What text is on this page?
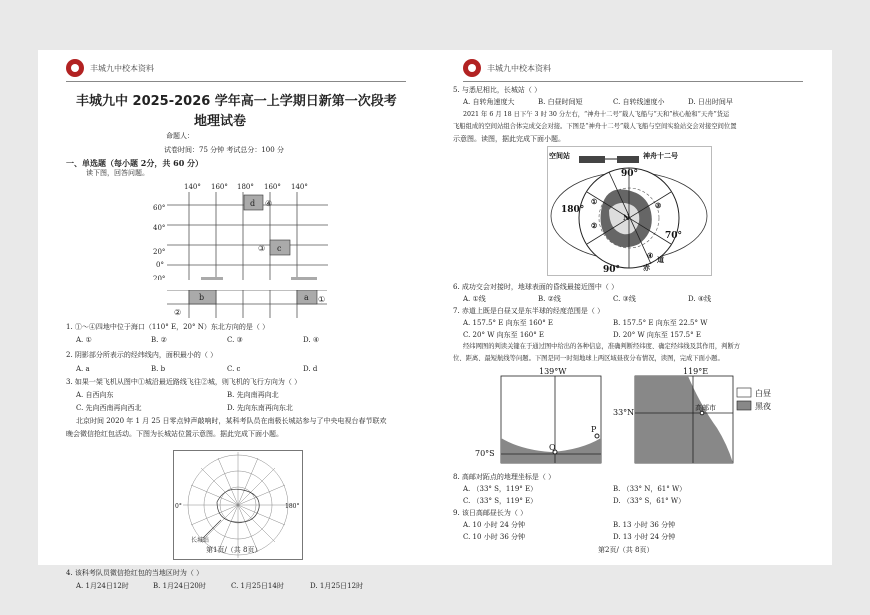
丰城九中校本资料
丰城九中 2025-2026 学年高一上学期日新第一次段考
地理试卷
命题人：
试卷时间：75 分钟 考试总分：100 分
一、单选题（每小题 2分，共 60 分）
读下图，回答问题。
140° 160° 180° 160° 140°
60°
40°
20°
0°
20°
d ④
③ c
b
②
a ①
1. ①～④四地中位于海口（110° E，20° N）东北方向的是（ ）
A. ①	B. ②	C. ③	D. ④
2. 阴影部分所表示的经纬线内，面积最小的（ ）
A. a	B. b	C. c	D. d
3. 如果一架飞机从图中①城沿最近路线飞往②城，则飞机的飞行方向为（ ）
A. 自西向东	B. 先向南再向北
C. 先向西南再向西北	D. 先向东南再向东北
北京时间 2020 年 1 月 25 日零点钟声敲响时，某科考队员在南极长城站参与了中央电视台春节联欢
晚会微信抢红包活动。下图为长城站位置示意图。据此完成下面小题。
0°	180°
长城站
4. 该科考队员微信抢红包的当地区时为（ ）
A. 1月24日12时	B. 1月24日20时	C. 1月25日14时	D. 1月25日12时
丰城九中校本资料
5. 与悉尼相比，长城站（ ）
A. 自转角速度大	B. 白昼时间短	C. 自转线速度小	D. 日出时间早
2021 年 6 月 18 日下午 3 时 30 分左右，“神舟十二号”载人飞船与“天和”核心舱和“天舟”货运
飞船组成的空间站组合体完成交会对接。下图是“神舟十二号”载人飞船与空间实验站交会对接空间位置
示意图。读图，据此完成下面小题。
空间站	神舟十二号
90°
180°
70°
90°
N
①
②
③
④
赤
道
6. 成功交会对接时，地球表面的昏线最接近图中（ ）
A. ①线	B. ②线	C. ③线	D. ④线
7. 赤道上既是白昼又是东半球的经度范围是（ ）
A. 157.5° E 向东至 160° E	B. 157.5° E 向东至 22.5° W
C. 20° W 向东至 160° E	D. 20° W 向东至 157.5° E
经纬网图的判读关键在于通过图中给出的各种信息，准确判断经纬度、确定经纬线及其作用，判断方
位、距离、最短航线等问题。下图是同一时刻地球上两区域昼夜分布情况，读图，完成下面小题。
139°W
70°S
Q
P
119°E
33°N	高邮市
白昼
黑夜
8. 高邮对跖点的地理坐标是（ ）
A. （33° S，119° E）	B. （33° N，61° W）
C. （33° S，119° E）	D. （33° S，61° W）
9. 该日高邮昼长为（ ）
A. 10 小时 24 分钟	B. 13 小时 36 分钟
C. 10 小时 36 分钟	D. 13 小时 24 分钟
第1页/（共 8页）	第2页/（共 8页）
